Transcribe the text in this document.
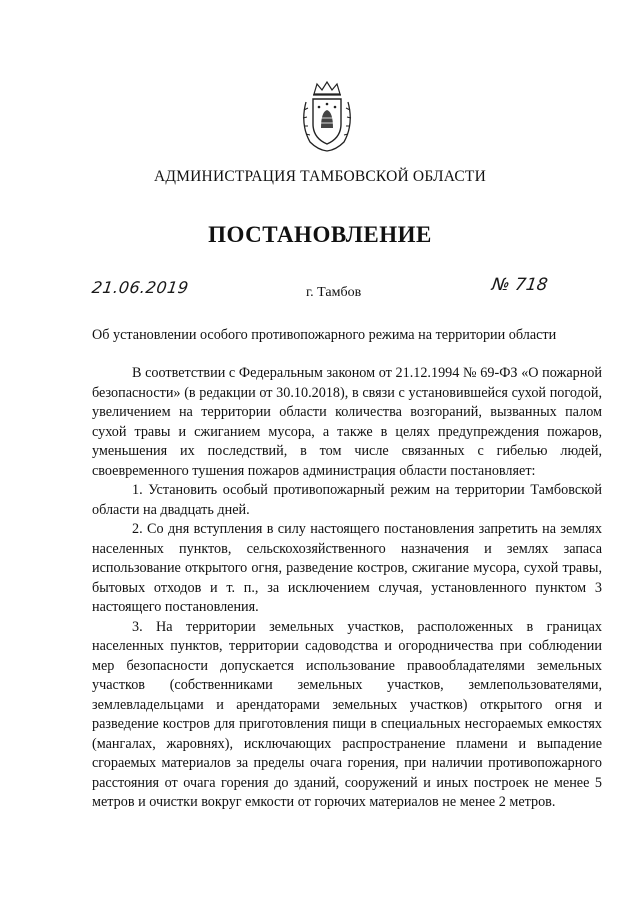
АДМИНИСТРАЦИЯ ТАМБОВСКОЙ ОБЛАСТИ
ПОСТАНОВЛЕНИЕ
21.06.2019	г. Тамбов	№ 718
Об установлении особого противопожарного режима на территории области

В соответствии с Федеральным законом от 21.12.1994 № 69-ФЗ «О пожарной безопасности» (в редакции от 30.10.2018), в связи с установившейся сухой погодой, увеличением на территории области количества возгораний, вызванных палом сухой травы и сжиганием мусора, а также в целях предупреждения пожаров, уменьшения их последствий, в том числе связанных с гибелью людей, своевременного тушения пожаров администрация области постановляет:

1. Установить особый противопожарный режим на территории Тамбовской области на двадцать дней.

2. Со дня вступления в силу настоящего постановления запретить на землях населенных пунктов, сельскохозяйственного назначения и землях запаса использование открытого огня, разведение костров, сжигание мусора, сухой травы, бытовых отходов и т. п., за исключением случая, установленного пунктом 3 настоящего постановления.

3. На территории земельных участков, расположенных в границах населенных пунктов, территории садоводства и огородничества при соблюдении мер безопасности допускается использование правообладателями земельных участков (собственниками земельных участков, землепользователями, землевладельцами и арендаторами земельных участков) открытого огня и разведение костров для приготовления пищи в специальных несгораемых емкостях (мангалах, жаровнях), исключающих распространение пламени и выпадение сгораемых материалов за пределы очага горения, при наличии противопожарного расстояния от очага горения до зданий, сооружений и иных построек не менее 5 метров и очистки вокруг емкости от горючих материалов не менее 2 метров.
